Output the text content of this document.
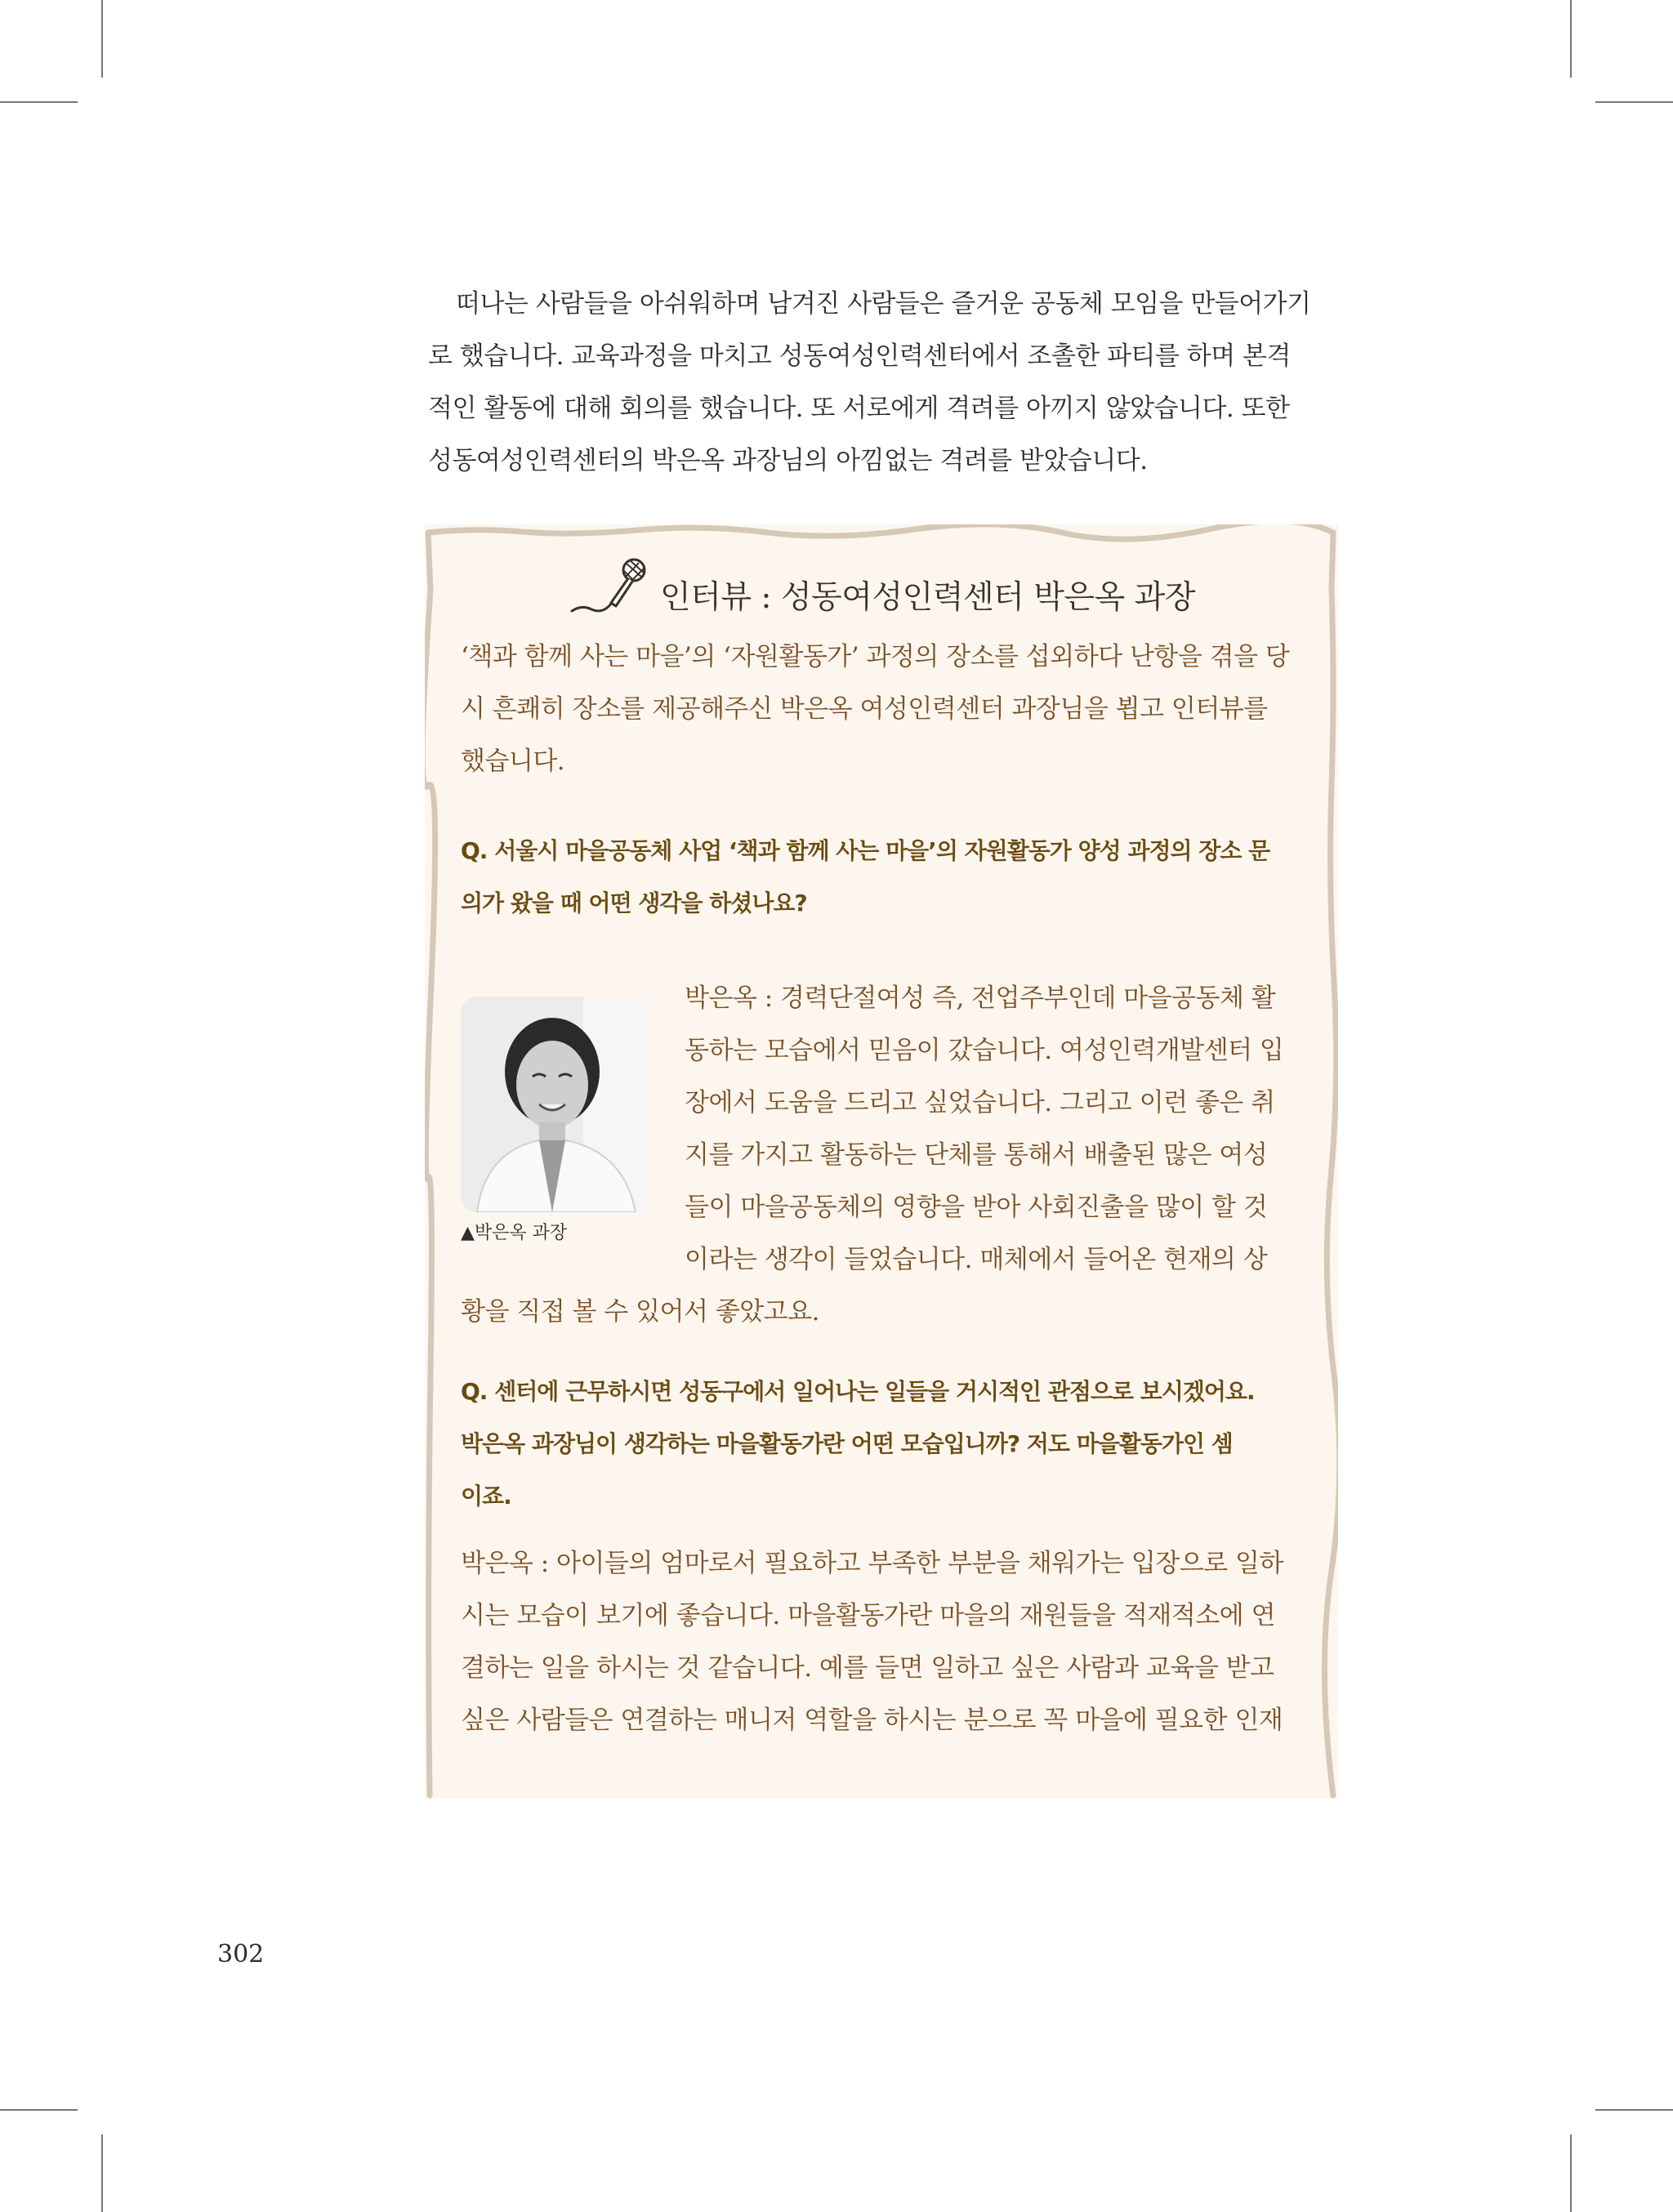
떠나는 사람들을 아쉬워하며 남겨진 사람들은 즐거운 공동체 모임을 만들어가기
로 했습니다. 교육과정을 마치고 성동여성인력센터에서 조촐한 파티를 하며 본격
적인 활동에 대해 회의를 했습니다. 또 서로에게 격려를 아끼지 않았습니다. 또한
성동여성인력센터의 박은옥 과장님의 아낌없는 격려를 받았습니다.

인터뷰 : 성동여성인력센터 박은옥 과장

‘책과 함께 사는 마을’의 ‘자원활동가’ 과정의 장소를 섭외하다 난항을 겪을 당
시 흔쾌히 장소를 제공해주신 박은옥 여성인력센터 과장님을 뵙고 인터뷰를
했습니다.

Q. 서울시 마을공동체 사업 ‘책과 함께 사는 마을’의 자원활동가 양성 과정의 장소 문
의가 왔을 때 어떤 생각을 하셨나요?

▲박은옥 과장

박은옥 : 경력단절여성 즉, 전업주부인데 마을공동체 활
동하는 모습에서 믿음이 갔습니다. 여성인력개발센터 입
장에서 도움을 드리고 싶었습니다. 그리고 이런 좋은 취
지를 가지고 활동하는 단체를 통해서 배출된 많은 여성
들이 마을공동체의 영향을 받아 사회진출을 많이 할 것
이라는 생각이 들었습니다. 매체에서 들어온 현재의 상

황을 직접 볼 수 있어서 좋았고요.

Q. 센터에 근무하시면 성동구에서 일어나는 일들을 거시적인 관점으로 보시겠어요.
박은옥 과장님이 생각하는 마을활동가란 어떤 모습입니까? 저도 마을활동가인 셈
이죠.

박은옥 : 아이들의 엄마로서 필요하고 부족한 부분을 채워가는 입장으로 일하
시는 모습이 보기에 좋습니다. 마을활동가란 마을의 재원들을 적재적소에 연
결하는 일을 하시는 것 같습니다. 예를 들면 일하고 싶은 사람과 교육을 받고
싶은 사람들은 연결하는 매니저 역할을 하시는 분으로 꼭 마을에 필요한 인재

302
